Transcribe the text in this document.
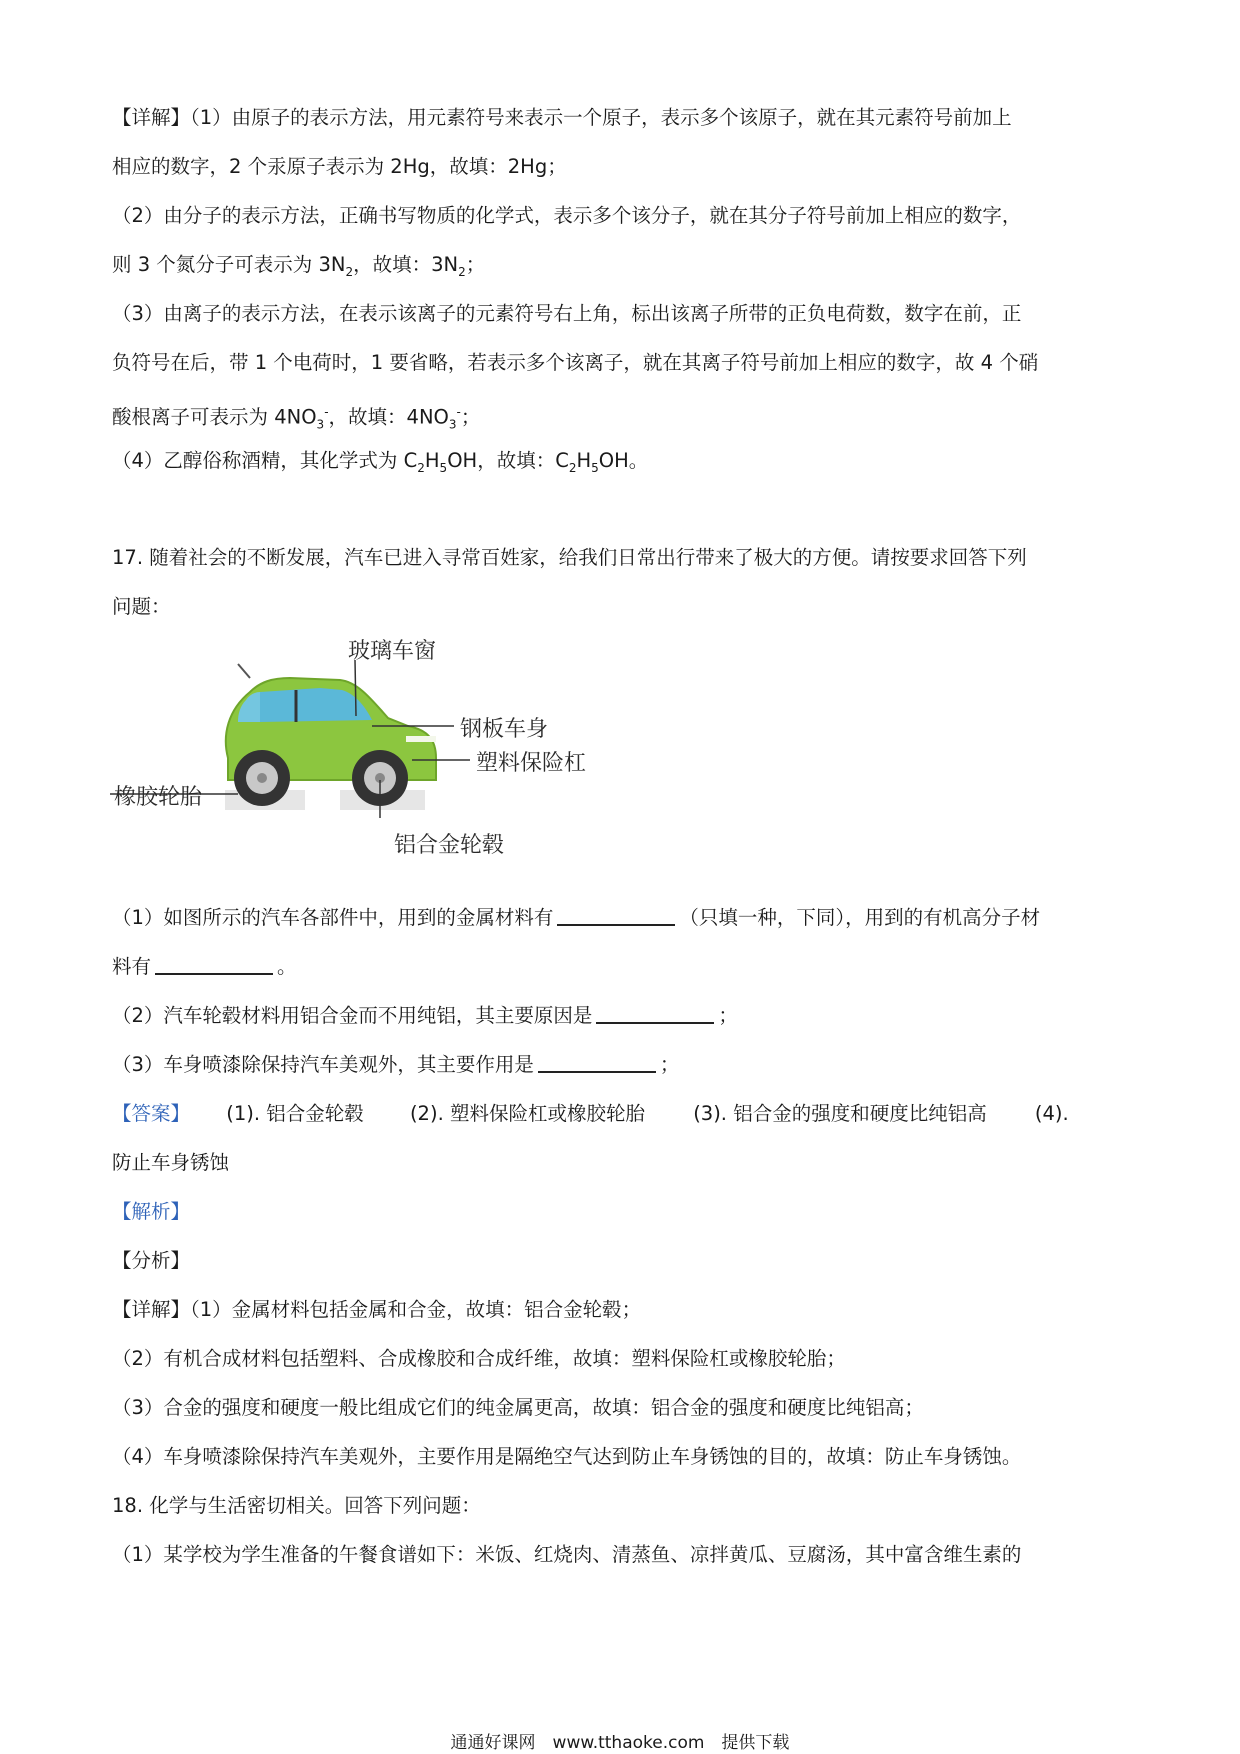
【详解】（1）由原子的表示方法，用元素符号来表示一个原子，表示多个该原子，就在其元素符号前加上
相应的数字，2 个汞原子表示为 2Hg，故填：2Hg；
（2）由分子的表示方法，正确书写物质的化学式，表示多个该分子，就在其分子符号前加上相应的数字，
则 3 个氮分子可表示为 $3N_2$，故填：$3N_2$；
（3）由离子的表示方法，在表示该离子的元素符号右上角，标出该离子所带的正负电荷数，数字在前，正
负符号在后，带 1 个电荷时，1 要省略，若表示多个该离子，就在其离子符号前加上相应的数字，故 4 个硝
酸根离子可表示为 $4NO_3^-$，故填：$4NO_3^-$；
（4）乙醇俗称酒精，其化学式为 $C_2H_5OH$，故填：$C_2H_5OH$。
17. 随着社会的不断发展，汽车已进入寻常百姓家，给我们日常出行带来了极大的方便。请按要求回答下列
问题：
玻璃车窗
钢板车身
塑料保险杠
橡胶轮胎
铝合金轮毂
（1）如图所示的汽车各部件中，用到的金属材料有	（只填一种，下同），用到的有机高分子材
料有	。
（2）汽车轮毂材料用铝合金而不用纯铝，其主要原因是	；
（3）车身喷漆除保持汽车美观外，其主要作用是	；
【答案】 (1). 铝合金轮毂 (2). 塑料保险杠或橡胶轮胎 (3). 铝合金的强度和硬度比纯铝高 (4).
防止车身锈蚀
【解析】
【分析】
【详解】（1）金属材料包括金属和合金，故填：铝合金轮毂；
（2）有机合成材料包括塑料、合成橡胶和合成纤维，故填：塑料保险杠或橡胶轮胎；
（3）合金的强度和硬度一般比组成它们的纯金属更高，故填：铝合金的强度和硬度比纯铝高；
（4）车身喷漆除保持汽车美观外，主要作用是隔绝空气达到防止车身锈蚀的目的，故填：防止车身锈蚀。
18. 化学与生活密切相关。回答下列问题：
（1）某学校为学生准备的午餐食谱如下：米饭、红烧肉、清蒸鱼、凉拌黄瓜、豆腐汤，其中富含维生素的
通通好课网　www.tthaoke.com　提供下载
